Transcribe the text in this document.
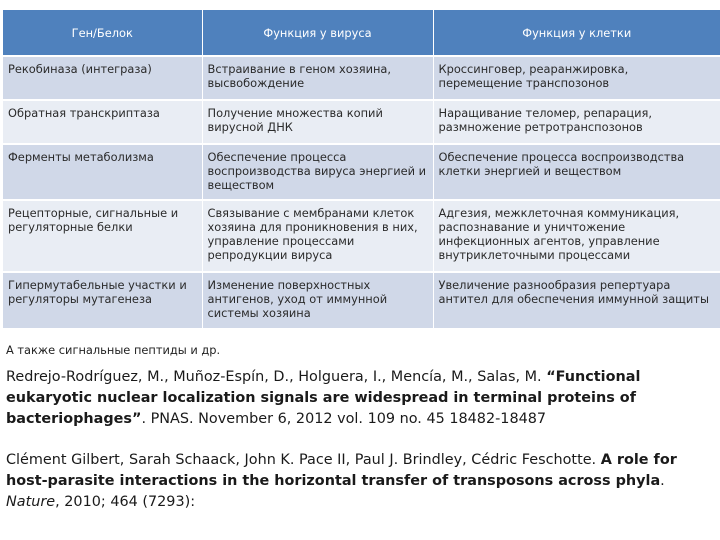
Ген/Белок	Функция у вируса	Функция у клетки
Рекобиназа (интеграза)	Встраивание в геном хозяина, высвобождение	Кроссинговер, реаранжировка, перемещение транспозонов
Обратная транскриптаза	Получение множества копий вирусной ДНК	Наращивание теломер, репарация, размножение ретротранспозонов
Ферменты метаболизма	Обеспечение процесса воспроизводства вируса энергией и веществом	Обеспечение процесса воспроизводства клетки энергией и веществом
Рецепторные, сигнальные и регуляторные белки	Связывание с мембранами клеток хозяина для проникновения в них, управление процессами репродукции вируса	Адгезия, межклеточная коммуникация, распознавание и уничтожение инфекционных агентов, управление внутриклеточными процессами
Гипермутабельные участки и регуляторы мутагенеза	Изменение поверхностных антигенов, уход от иммунной системы хозяина	Увеличение разнообразия репертуара антител для обеспечения иммунной защиты
А также сигнальные пептиды и др.
Redrejo-Rodríguez, M., Muñoz-Espín, D., Holguera, I., Mencía, M., Salas, M. “Functional eukaryotic nuclear localization signals are widespread in terminal proteins of bacteriophages”. PNAS. November 6, 2012 vol. 109 no. 45 18482-18487
Clément Gilbert, Sarah Schaack, John K. Pace II, Paul J. Brindley, Cédric Feschotte. A role for host-parasite interactions in the horizontal transfer of transposons across phyla. Nature, 2010; 464 (7293):
